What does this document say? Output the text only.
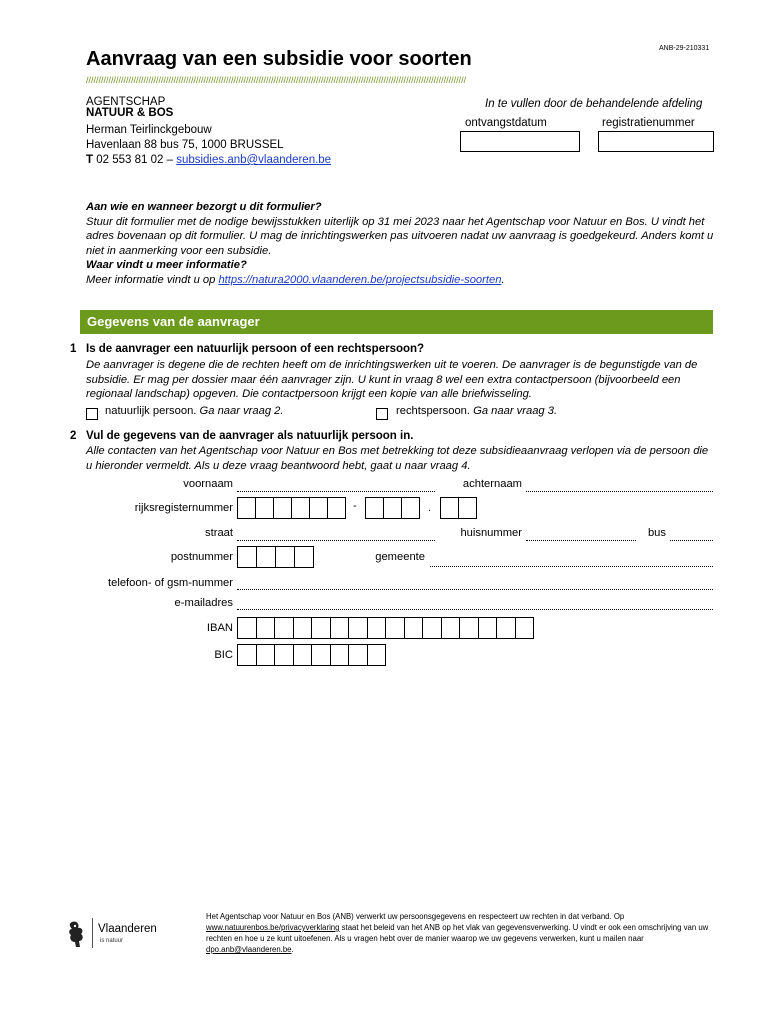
ANB-29-210331
Aanvraag van een subsidie voor soorten
////////////////////////////////////////////////////////////////////////////////////////////////////////////////////////////////////////////////////////
AGENTSCHAP
NATUUR & BOS
Herman Teirlinckgebouw
Havenlaan 88 bus 75, 1000 BRUSSEL
T 02 553 81 02 – subsidies.anb@vlaanderen.be
In te vullen door de behandelende afdeling
ontvangstdatum	registratienummer
Aan wie en wanneer bezorgt u dit formulier?
Stuur dit formulier met de nodige bewijsstukken uiterlijk op 31 mei 2023 naar het Agentschap voor Natuur en Bos. U vindt het adres bovenaan op dit formulier. U mag de inrichtingswerken pas uitvoeren nadat uw aanvraag is goedgekeurd. Anders komt u niet in aanmerking voor een subsidie.
Waar vindt u meer informatie?
Meer informatie vindt u op https://natura2000.vlaanderen.be/projectsubsidie-soorten.
Gegevens van de aanvrager
1 Is de aanvrager een natuurlijk persoon of een rechtspersoon?
De aanvrager is degene die de rechten heeft om de inrichtingswerken uit te voeren. De aanvrager is de begunstigde van de subsidie. Er mag per dossier maar één aanvrager zijn. U kunt in vraag 8 wel een extra contactpersoon (bijvoorbeeld een regionaal landschap) opgeven. Die contactpersoon krijgt een kopie van alle briefwisseling.
natuurlijk persoon. Ga naar vraag 2.	rechtspersoon. Ga naar vraag 3.
2 Vul de gegevens van de aanvrager als natuurlijk persoon in.
Alle contacten van het Agentschap voor Natuur en Bos met betrekking tot deze subsidieaanvraag verlopen via de persoon die u hieronder vermeldt. Als u deze vraag beantwoord hebt, gaat u naar vraag 4.
voornaam	achternaam
rijksregisternummer	-	.
straat	huisnummer	bus
postnummer	gemeente
telefoon- of gsm-nummer
e-mailadres
IBAN
BIC
Vlaanderen
is natuur
Het Agentschap voor Natuur en Bos (ANB) verwerkt uw persoonsgegevens en respecteert uw rechten in dat verband. Op www.natuurenbos.be/privacyverklaring staat het beleid van het ANB op het vlak van gegevensverwerking. U vindt er ook een omschrijving van uw rechten en hoe u ze kunt uitoefenen. Als u vragen hebt over de manier waarop we uw gegevens verwerken, kunt u mailen naar dpo.anb@vlaanderen.be.
